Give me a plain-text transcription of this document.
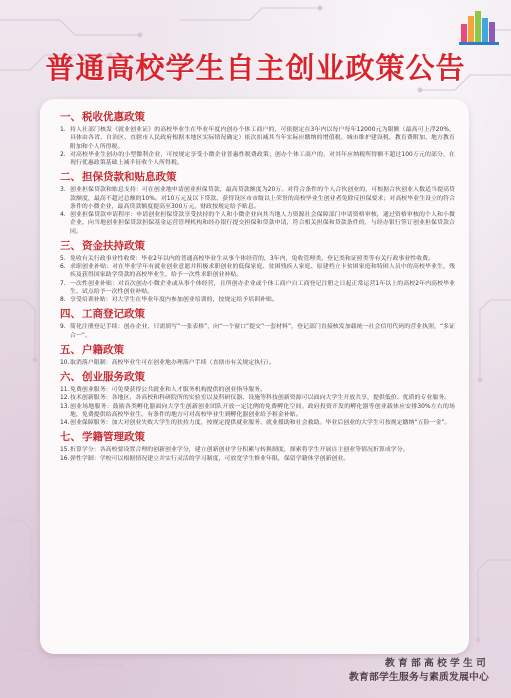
普通高校学生自主创业政策公告
一、 税收优惠政策
1. 持人社部门核发《就业创业证》的高校毕业生在毕业年度内创办个体工商户的，可依据定在3年内以每户每年12000元为限额（最高可上浮20%，具体由各省、自治区、直辖市人民政府根据本地区实际情况确定）依次扣减其当年实际应缴纳的增值税、城市维护建设税、教育费附加、地方教育附加和个人所得税。
2. 对高校毕业生创办的小型微利企业，可按规定享受小微企业普惠性税费政策；创办个体工商户的，对其年应纳税所得额不超过100万元的部分，在现行优惠政策基础上减半征收个人所得税。
二、 担保贷款和贴息政策
3. 创业担保贷款和贴息支持：可在创业地申请创业担保贷款，最高贷款额度为20万。对符合条件的个人合伙创业的，可根据合伙创业人数适当提高贷款额度，最高不超过总额的10%。对10万元及以下贷款、获得设区市市级以上荣誉的高校毕业生创业者免除反担保要求；对高校毕业生设立的符合条件的小微企业，最高贷款额度提高至300万元，财政按规定给予贴息。
4. 创业担保贷款申请程序：申请创业担保贷款享受扶持的个人和小微企业向其当地人力资源社会保障部门申请资格审核，通过资格审核的个人和小微企业，向当地创业担保贷款担保基金运营管理机构和经办银行提交担保和贷款申请，符合相关担保和贷款条件的，与经办银行签订创业担保贷款合同。
三、 资金扶持政策
5. 免收有关行政事业性收费：毕业2年以内的普通高校毕业生从事个体经营的，3年内，免收管理类、登记类和证照类等有关行政事业性收费。
6. 求职创业补贴：对在毕业学年有就业创业意愿并积极求职创业的低保家庭、贫困残疾人家庭、原建档立卡贫困家庭和特困人员中的高校毕业生，残疾及获得国家助学贷款的高校毕业生，给予一次性求职创业补贴。
7. 一次性创业补贴：对首次创办小微企业或从事个体经营，且所创办企业或个体工商户自工商登记注册之日起正常运营1年以上的高校2年内高校毕业生、试点给予一次性创业补贴。
8. 享受培训补贴：对大学生在毕业年度内参加创业培训的，按规定给予培训补贴。
四、 工商登记政策
9. 简化注册登记手续：创办企业，只需填写“一张表格”，向“一个窗口”提交“一套材料”，登记部门直接核发加载统一社会信用代码的营业执照，“多证合一”。
五、 户籍政策
10. 取消落户限制：高校毕业生可在创业地办理落户手续（直辖市有关规定执行）。
六、 创业服务政策
11. 免费创业服务：可免费获得公共就业和人才服务机构提供的创业指导服务。
12. 技术创新服务：各地区、各高校和科研院所的实验室以及科研仪器、设施等科技创新资源可以面向大学生开放共享，提供低价、优质的专业服务。
13. 创业场地服务：鼓励各类孵化器面向大学生创新创业团队开放一定比例的免费孵化空间。政府投资开发的孵化器等创业载体应安排30%左右的场地，免费提供给高校毕业生。有条件的地方可对高校毕业生到孵化器创业给予租金补贴。
14. 创业保障服务：加大对创业失败大学生的扶持力度，按规定提供就业服务、就业援助和社会救助。毕业后创业的大学生可按规定缴纳“五险一金”。
七、 学籍管理政策
15. 折算学分：各高校要设置合理的创新创业学分，建立创新创业学分积累与转换制度，探索将学生开展自主创业等情况折算成学分。
16. 弹性学制：学校可以根据情况建立并实行灵活的学习制度，可放宽学生修业年限，保留学籍休学创新创业。
教育部高校学生司
教育部学生服务与素质发展中心
